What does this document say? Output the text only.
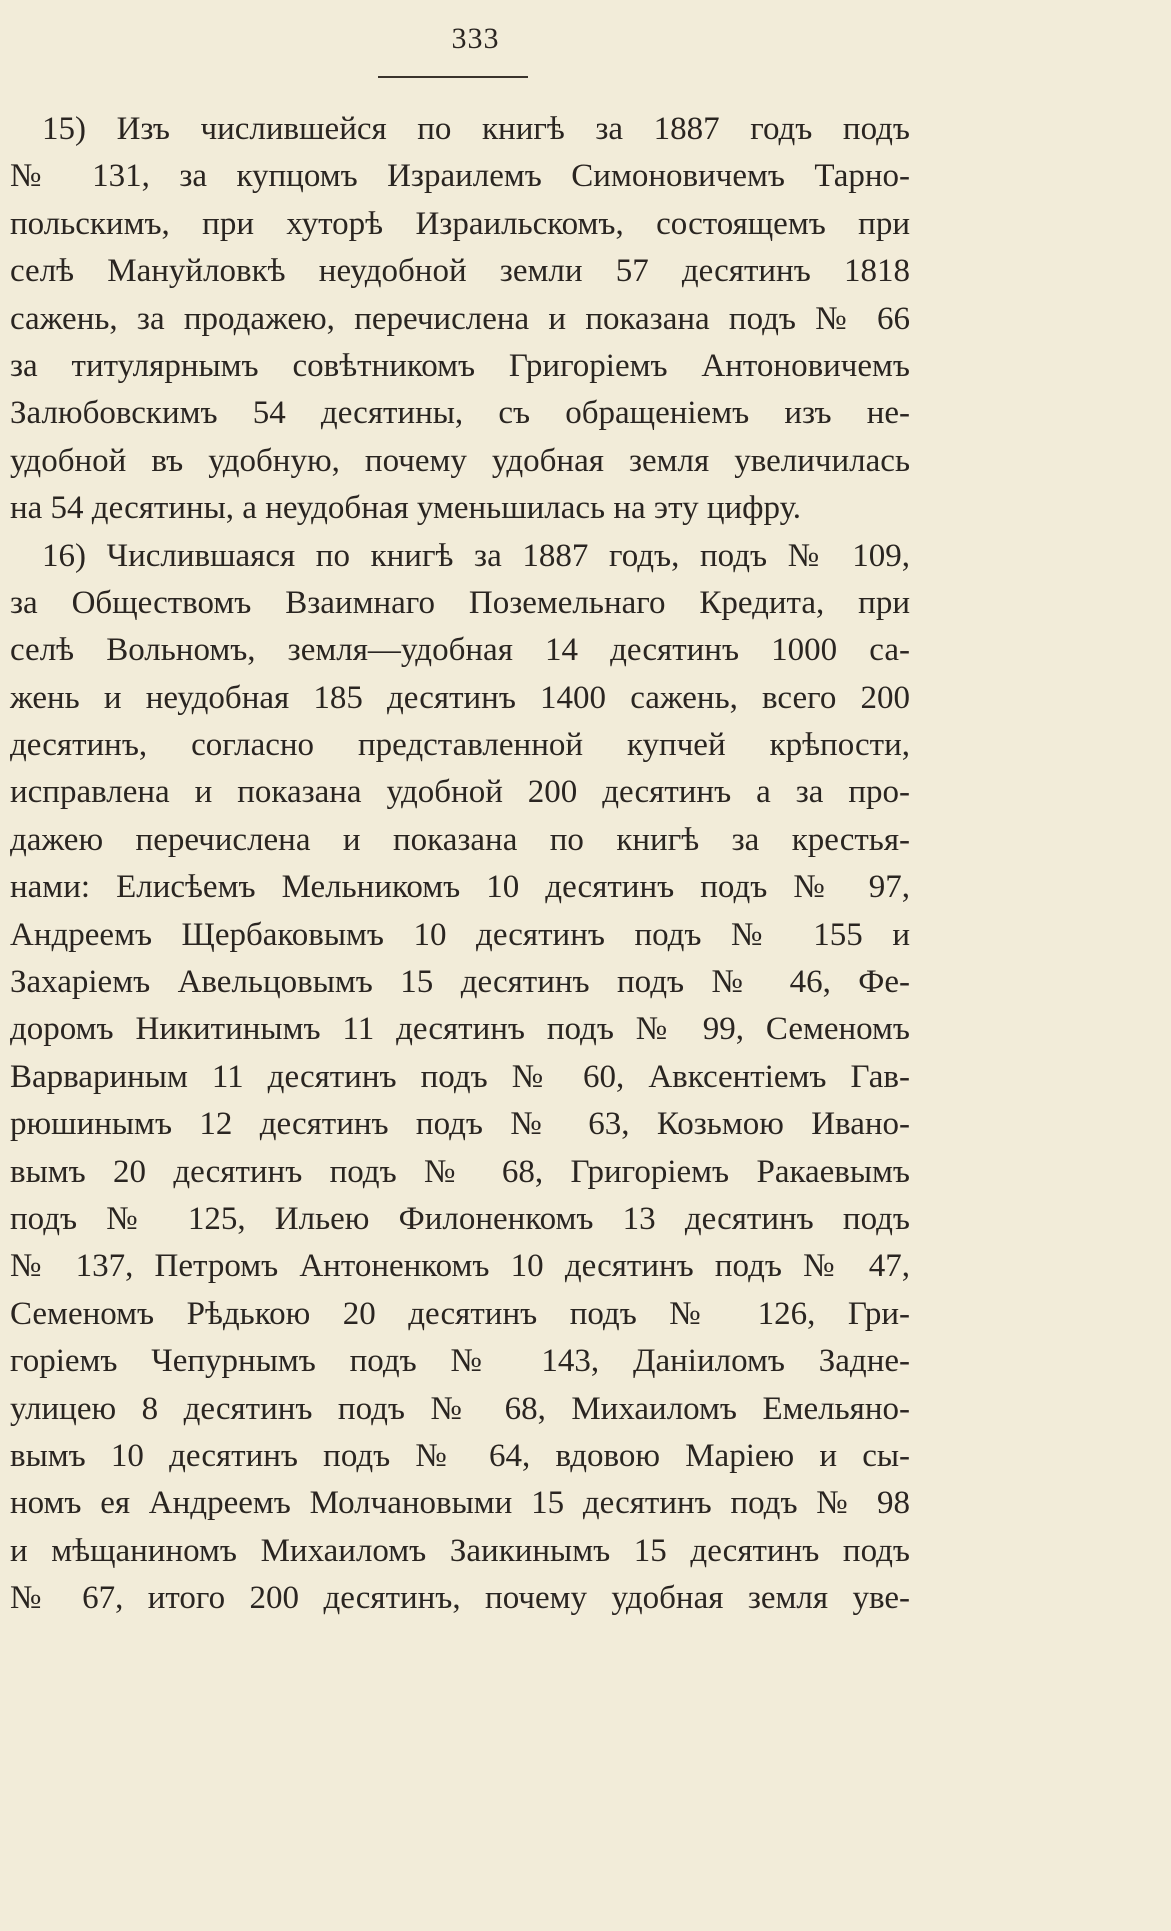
333
15) Изъ числившейся по книгѣ за 1887 годъ подъ
№ 131, за купцомъ Израилемъ Симоновичемъ Тарно-
польскимъ, при хуторѣ Израильскомъ, состоящемъ при
селѣ Мануйловкѣ неудобной земли 57 десятинъ 1818
сажень, за продажею, перечислена и показана подъ № 66
за титулярнымъ совѣтникомъ Григоріемъ Антоновичемъ
Залюбовскимъ 54 десятины, съ обращеніемъ изъ не-
удобной въ удобную, почему удобная земля увеличилась
на 54 десятины, а неудобная уменьшилась на эту цифру.
16) Числившаяся по книгѣ за 1887 годъ, подъ № 109,
за Обществомъ Взаимнаго Поземельнаго Кредита, при
селѣ Вольномъ, земля—удобная 14 десятинъ 1000 са-
жень и неудобная 185 десятинъ 1400 сажень, всего 200
десятинъ, согласно представленной купчей крѣпости,
исправлена и показана удобной 200 десятинъ а за про-
дажею перечислена и показана по книгѣ за крестья-
нами: Елисѣемъ Мельникомъ 10 десятинъ подъ № 97,
Андреемъ Щербаковымъ 10 десятинъ подъ № 155 и
Захаріемъ Авельцовымъ 15 десятинъ подъ № 46, Фе-
доромъ Никитинымъ 11 десятинъ подъ № 99, Семеномъ
Варвариным 11 десятинъ подъ № 60, Авксентіемъ Гав-
рюшинымъ 12 десятинъ подъ № 63, Козьмою Ивано-
вымъ 20 десятинъ подъ № 68, Григоріемъ Ракаевымъ
подъ № 125, Ильею Филоненкомъ 13 десятинъ подъ
№ 137, Петромъ Антоненкомъ 10 десятинъ подъ № 47,
Семеномъ Рѣдькою 20 десятинъ подъ № 126, Гри-
горіемъ Чепурнымъ подъ № 143, Даніиломъ Задне-
улицею 8 десятинъ подъ № 68, Михаиломъ Емельяно-
вымъ 10 десятинъ подъ № 64, вдовою Маріею и сы-
номъ ея Андреемъ Молчановыми 15 десятинъ подъ № 98
и мѣщаниномъ Михаиломъ Заикинымъ 15 десятинъ подъ
№ 67, итого 200 десятинъ, почему удобная земля уве-
